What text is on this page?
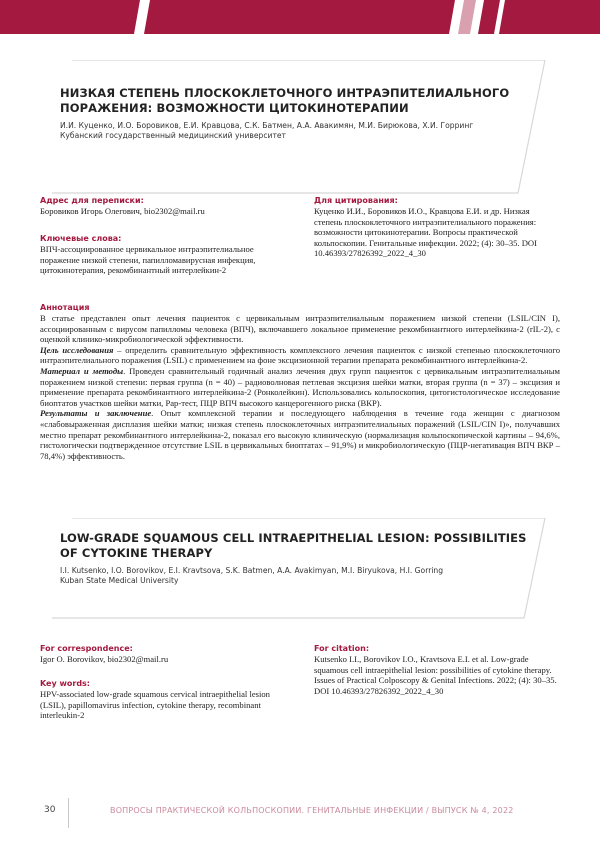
НИЗКАЯ СТЕПЕНЬ ПЛОСКОКЛЕТОЧНОГО ИНТРАЭПИТЕЛИАЛЬНОГО ПОРАЖЕНИЯ: ВОЗМОЖНОСТИ ЦИТОКИНОТЕРАПИИ
И.И. Куценко, И.О. Боровиков, Е.И. Кравцова, С.К. Батмен, А.А. Авакимян, М.И. Бирюкова, Х.И. Горринг
Кубанский государственный медицинский университет
Адрес для переписки:
Боровиков Игорь Олегович, bio2302@mail.ru
Ключевые слова:
ВПЧ-ассоциированное цервикальное интраэпителиальное поражение низкой степени, папилломавирусная инфекция, цитокинотерапия, рекомбинантный интерлейкин-2
Для цитирования:
Куценко И.И., Боровиков И.О., Кравцова Е.И. и др. Низкая степень плоскоклеточного интраэпителиального поражения: возможности цитокинотерапии. Вопросы практической кольпоскопии. Генитальные инфекции. 2022; (4): 30–35. DOI 10.46393/27826392_2022_4_30
Аннотация

В статье представлен опыт лечения пациенток с цервикальным интраэпителиальным поражением низкой степени (LSIL/CIN I), ассоциированным с вирусом папилломы человека (ВПЧ), включавшего локальное применение рекомбинантного интерлейкина-2 (rIL-2), с оценкой клинико-микробиологической эффективности.

Цель исследования – определить сравнительную эффективность комплексного лечения пациенток с низкой степенью плоскоклеточного интраэпителиального поражения (LSIL) с применением на фоне эксцизионной терапии препарата рекомбинантного интерлейкина-2.

Материал и методы. Проведен сравнительный годичный анализ лечения двух групп пациенток с цервикальным интраэпителиальным поражением низкой степени: первая группа (n = 40) – радиоволновая петлевая эксцизия шейки матки, вторая группа (n = 37) – эксцизия и применение препарата рекомбинантного интерлейкина-2 (Ронколейкин). Использовались кольпоскопия, цитогистологическое исследование биоптатов участков шейки матки, Pap-тест, ПЦР ВПЧ высокого канцерогенного риска (ВКР).

Результаты и заключение. Опыт комплексной терапии и последующего наблюдения в течение года женщин с диагнозом «слабовыраженная дисплазия шейки матки; низкая степень плоскоклеточных интраэпителиальных поражений (LSIL/CIN I)», получавших местно препарат рекомбинантного интерлейкина-2, показал его высокую клиническую (нормализация кольпоскопической картины – 94,6%, гистологически подтвержденное отсутствие LSIL в цервикальных биоптатах – 91,9%) и микробиологическую (ПЦР-негативация ВПЧ ВКР – 78,4%) эффективность.

LOW-GRADE SQUAMOUS CELL INTRAEPITHELIAL LESION: POSSIBILITIES OF CYTOKINE THERAPY
I.I. Kutsenko, I.O. Borovikov, E.I. Kravtsova, S.K. Batmen, A.A. Avakimyan, M.I. Biryukova, H.I. Gorring
Kuban State Medical University
For correspondence:
Igor O. Borovikov, bio2302@mail.ru
Key words:
HPV-associated low-grade squamous cervical intraepithelial lesion (LSIL), papillomavirus infection, cytokine therapy, recombinant interleukin-2
For citation:
Kutsenko I.I., Borovikov I.O., Kravtsova E.I. et al. Low-grade squamous cell intraepithelial lesion: possibilities of cytokine therapy. Issues of Practical Colposcopy & Genital Infections. 2022; (4): 30–35. DOI 10.46393/27826392_2022_4_30
30	ВОПРОСЫ ПРАКТИЧЕСКОЙ КОЛЬПОСКОПИИ. ГЕНИТАЛЬНЫЕ ИНФЕКЦИИ / ВЫПУСК № 4, 2022
